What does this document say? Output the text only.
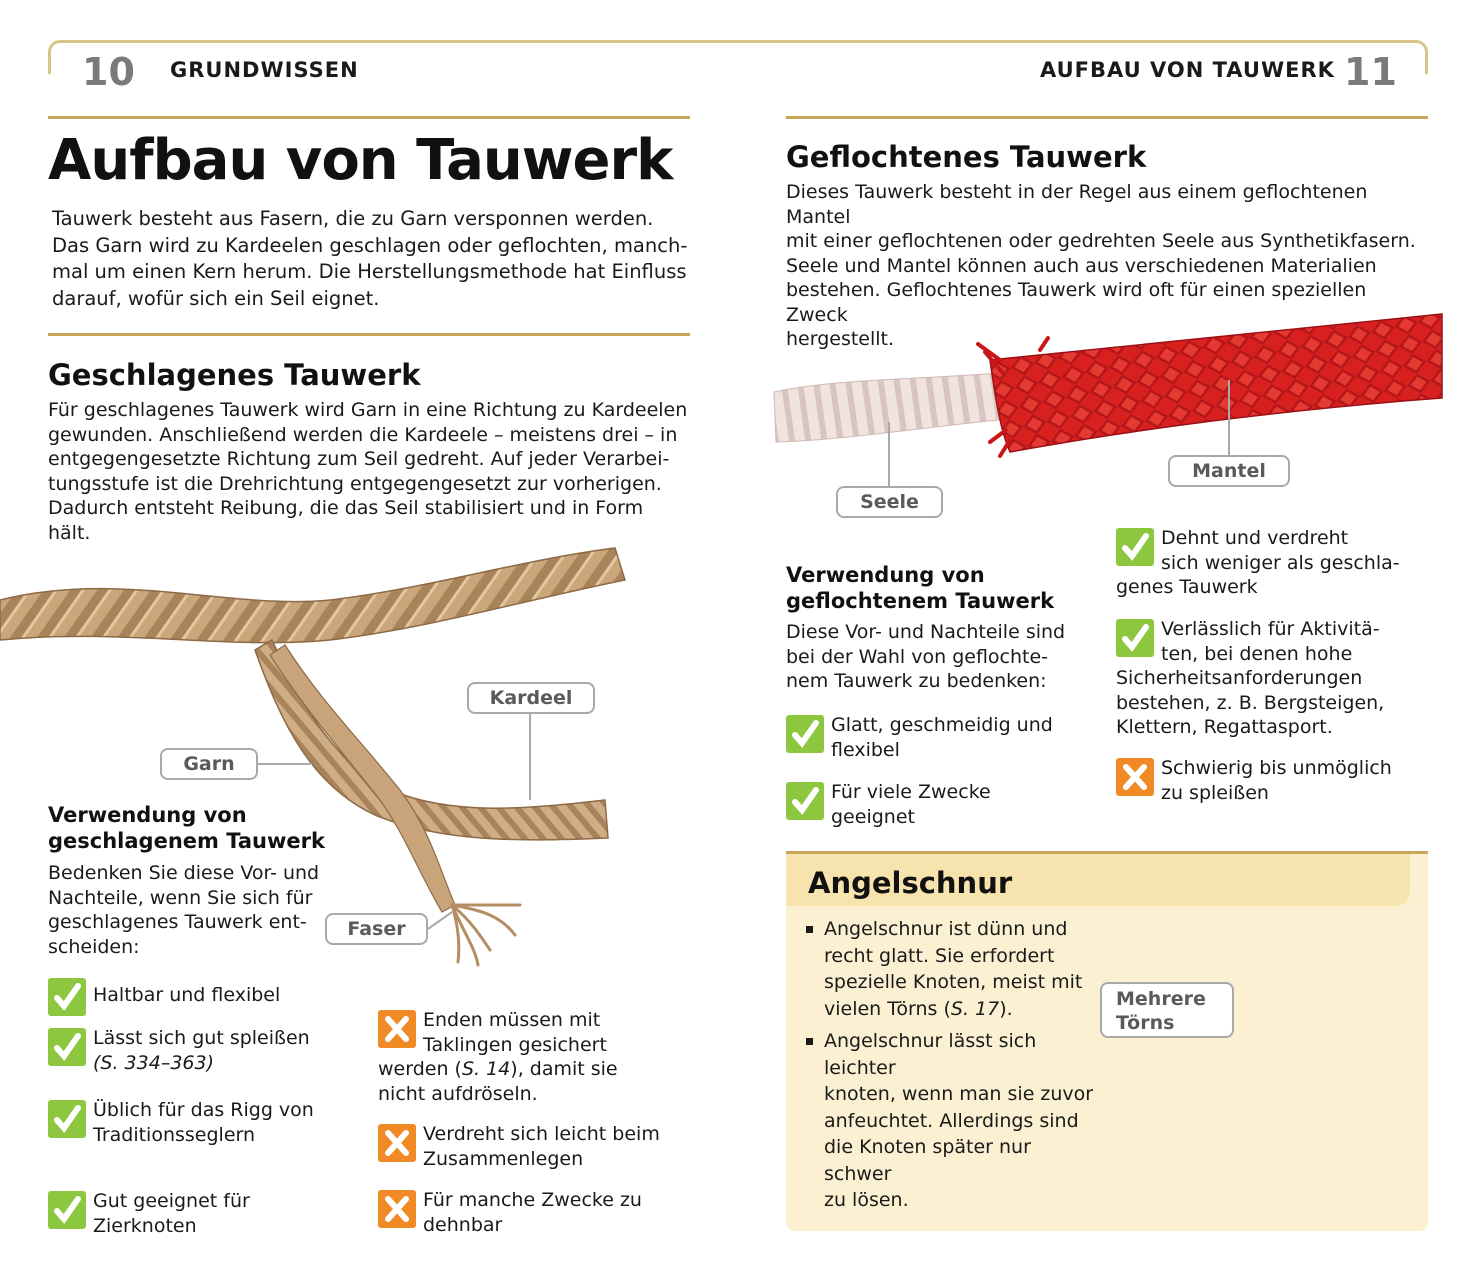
10	GRUNDWISSEN	AUFBAU VON TAUWERK 11
Aufbau von Tauwerk
Tauwerk besteht aus Fasern, die zu Garn versponnen werden.
Das Garn wird zu Kardeelen geschlagen oder geflochten, manch-
mal um einen Kern herum. Die Herstellungsmethode hat Einfluss
darauf, wofür sich ein Seil eignet.
Geschlagenes Tauwerk
Für geschlagenes Tauwerk wird Garn in eine Richtung zu Kardeelen
gewunden. Anschließend werden die Kardeele – meistens drei – in
entgegengesetzte Richtung zum Seil gedreht. Auf jeder Verarbei-
tungsstufe ist die Drehrichtung entgegengesetzt zur vorherigen.
Dadurch entsteht Reibung, die das Seil stabilisiert und in Form hält.
Garn
Kardeel
Faser
Verwendung von
geschlagenem Tauwerk
Bedenken Sie diese Vor- und
Nachteile, wenn Sie sich für
geschlagenes Tauwerk ent-
scheiden:
Haltbar und flexibel
Lässt sich gut spleißen
(S. 334–363)
Üblich für das Rigg von
Traditionsseglern
Gut geeignet für
Zierknoten
Enden müssen mit
Taklingen gesichert
werden (S. 14), damit sie
nicht aufdröseln.
Verdreht sich leicht beim
Zusammenlegen
Für manche Zwecke zu
dehnbar
Geflochtenes Tauwerk
Dieses Tauwerk besteht in der Regel aus einem geflochtenen Mantel
mit einer geflochtenen oder gedrehten Seele aus Synthetikfasern.
Seele und Mantel können auch aus verschiedenen Materialien
bestehen. Geflochtenes Tauwerk wird oft für einen speziellen Zweck
hergestellt.
Seele
Mantel
Verwendung von
geflochtenem Tauwerk
Diese Vor- und Nachteile sind
bei der Wahl von geflochte-
nem Tauwerk zu bedenken:
Glatt, geschmeidig und
flexibel
Für viele Zwecke
geeignet
Dehnt und verdreht
sich weniger als geschla-
genes Tauwerk
Verlässlich für Aktivitä-
ten, bei denen hohe
Sicherheitsanforderungen
bestehen, z. B. Bergsteigen,
Klettern, Regattasport.
Schwierig bis unmöglich
zu spleißen
Angelschnur
Angelschnur ist dünn und
recht glatt. Sie erfordert
spezielle Knoten, meist mit
vielen Törns (S. 17).
Angelschnur lässt sich leichter
knoten, wenn man sie zuvor
anfeuchtet. Allerdings sind
die Knoten später nur schwer
zu lösen.
Mehrere
Törns
